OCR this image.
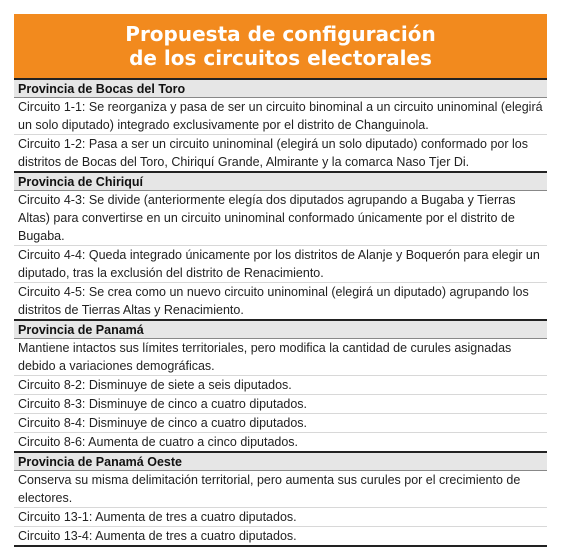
Propuesta de configuración
de los circuitos electorales
Provincia de Bocas del Toro

Circuito 1-1: Se reorganiza y pasa de ser un circuito binominal a un circuito uninominal (elegirá un solo diputado) integrado exclusivamente por el distrito de Changuinola.

Circuito 1-2: Pasa a ser un circuito uninominal (elegirá un solo diputado) conformado por los distritos de Bocas del Toro, Chiriquí Grande, Almirante y la comarca Naso Tjer Di.

Provincia de Chiriquí

Circuito 4-3: Se divide (anteriormente elegía dos diputados agrupando a Bugaba y Tierras Altas) para convertirse en un circuito uninominal conformado únicamente por el distrito de Bugaba.

Circuito 4-4: Queda integrado únicamente por los distritos de Alanje y Boquerón para elegir un diputado, tras la exclusión del distrito de Renacimiento.

Circuito 4-5: Se crea como un nuevo circuito uninominal (elegirá un diputado) agrupando los distritos de Tierras Altas y Renacimiento.

Provincia de Panamá

Mantiene intactos sus límites territoriales, pero modifica la cantidad de curules asignadas debido a variaciones demográficas.

Circuito 8-2: Disminuye de siete a seis diputados.

Circuito 8-3: Disminuye de cinco a cuatro diputados.

Circuito 8-4: Disminuye de cinco a cuatro diputados.

Circuito 8-6: Aumenta de cuatro a cinco diputados.

Provincia de Panamá Oeste

Conserva su misma delimitación territorial, pero aumenta sus curules por el crecimiento de electores.

Circuito 13-1: Aumenta de tres a cuatro diputados.

Circuito 13-4: Aumenta de tres a cuatro diputados.
